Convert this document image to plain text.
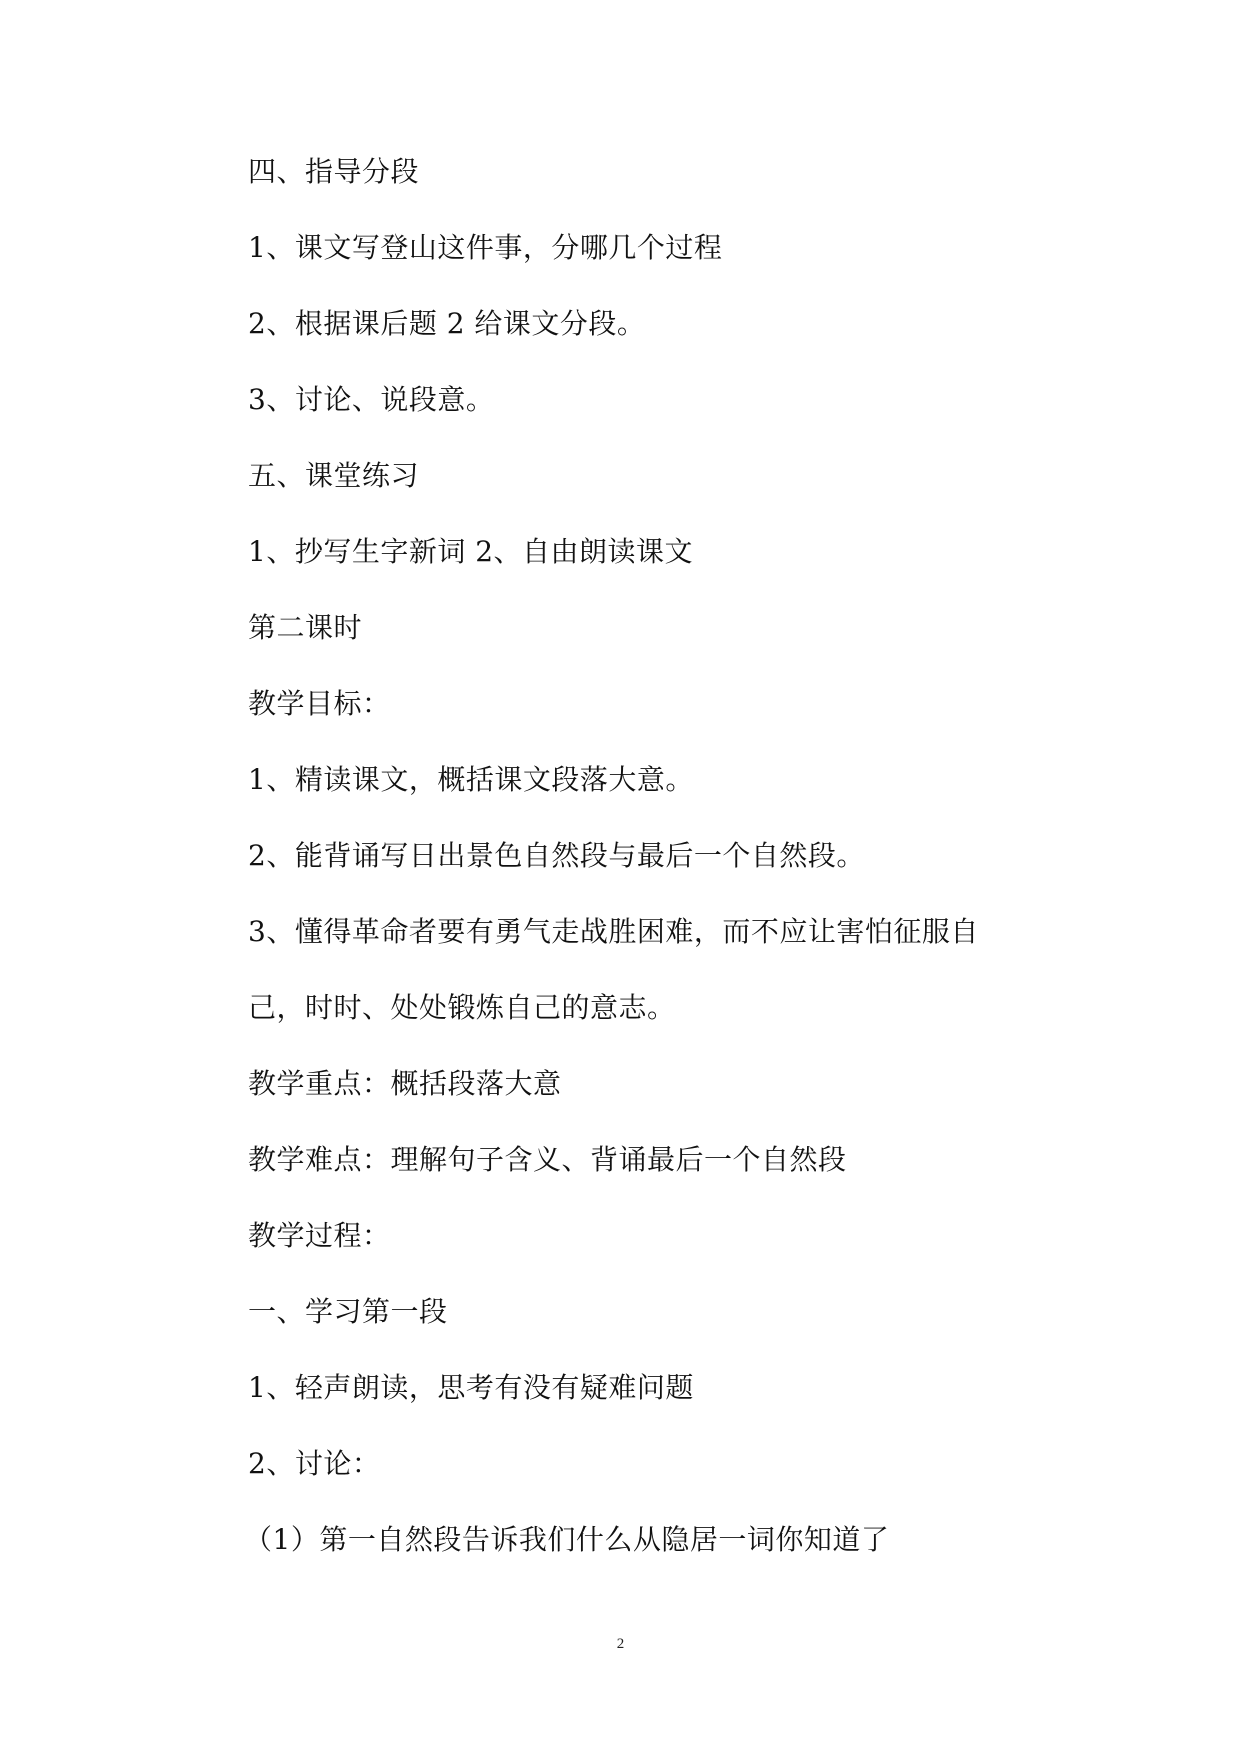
四、指导分段
1、课文写登山这件事，分哪几个过程
2、根据课后题 2 给课文分段。
3、讨论、说段意。
五、课堂练习
1、抄写生字新词 2、自由朗读课文
第二课时
教学目标：
1、精读课文，概括课文段落大意。
2、能背诵写日出景色自然段与最后一个自然段。
3、懂得革命者要有勇气走战胜困难，而不应让害怕征服自
己，时时、处处锻炼自己的意志。
教学重点：概括段落大意
教学难点：理解句子含义、背诵最后一个自然段
教学过程：
一、学习第一段
1、轻声朗读，思考有没有疑难问题
2、讨论：
（1）第一自然段告诉我们什么从隐居一词你知道了
2
